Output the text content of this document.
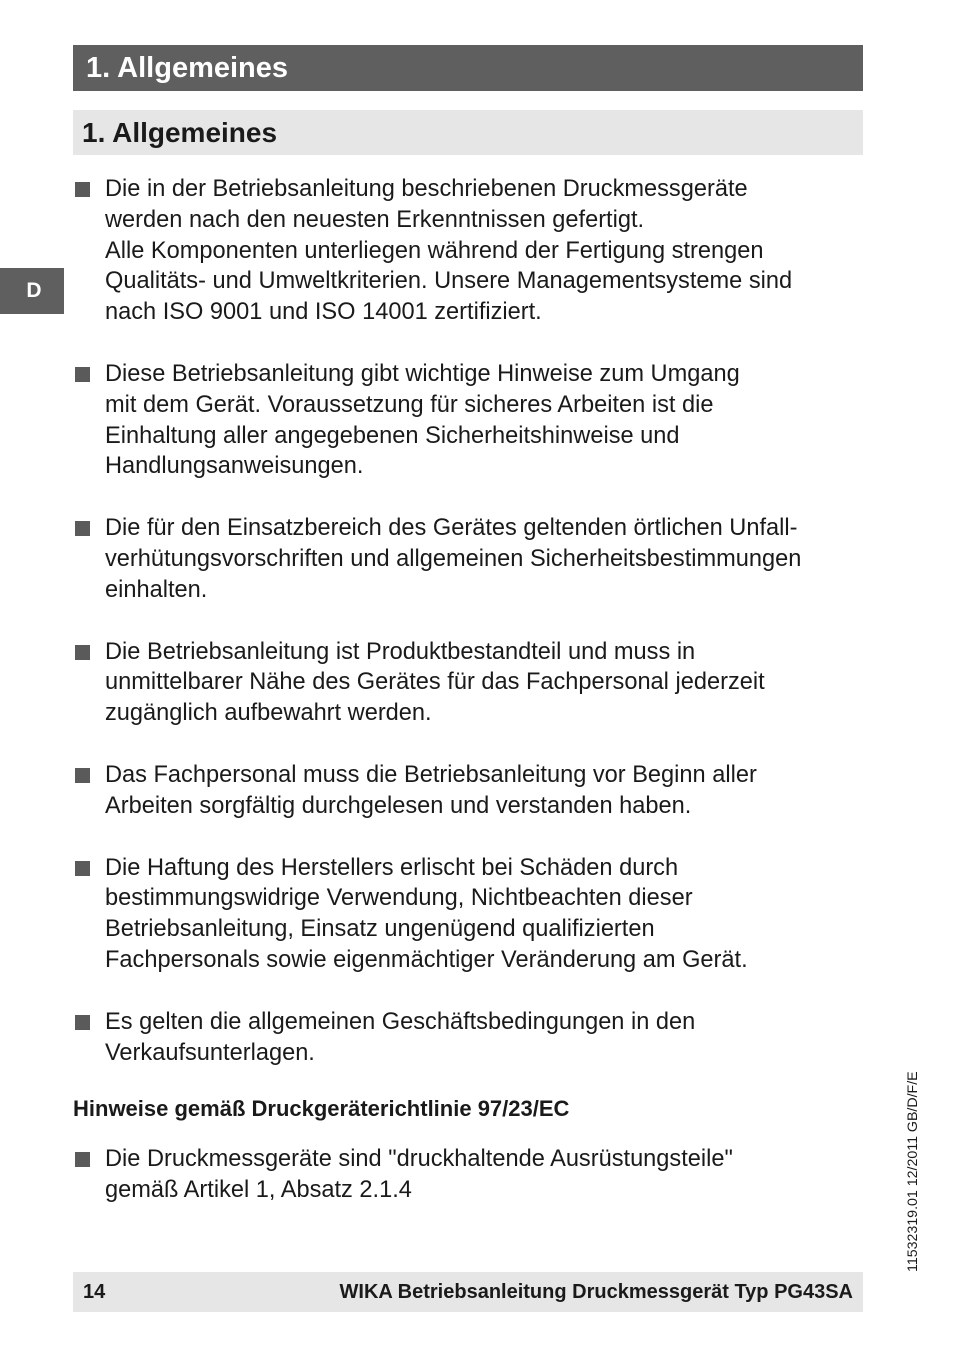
1. Allgemeines
1. Allgemeines
D
Die in der Betriebsanleitung beschriebenen Druckmessgeräte
werden nach den neuesten Erkenntnissen gefertigt.
Alle Komponenten unterliegen während der Fertigung strengen
Qualitäts- und Umweltkriterien. Unsere Managementsysteme sind
nach ISO 9001 und ISO 14001 zertifiziert.
Diese Betriebsanleitung gibt wichtige Hinweise zum Umgang
mit dem Gerät. Voraussetzung für sicheres Arbeiten ist die
Einhaltung aller angegebenen Sicherheitshinweise und
Handlungsanweisungen.
Die für den Einsatzbereich des Gerätes geltenden örtlichen Unfall-
verhütungsvorschriften und allgemeinen Sicherheitsbestimmungen
einhalten.
Die Betriebsanleitung ist Produktbestandteil und muss in
unmittelbarer Nähe des Gerätes für das Fachpersonal jederzeit
zugänglich aufbewahrt werden.
Das Fachpersonal muss die Betriebsanleitung vor Beginn aller
Arbeiten sorgfältig durchgelesen und verstanden haben.
Die Haftung des Herstellers erlischt bei Schäden durch
bestimmungswidrige Verwendung, Nichtbeachten dieser
Betriebsanleitung, Einsatz ungenügend qualifizierten
Fachpersonals sowie eigenmächtiger Veränderung am Gerät.
Es gelten die allgemeinen Geschäftsbedingungen in den
Verkaufsunterlagen.
Hinweise gemäß Druckgeräterichtlinie 97/23/EC
Die Druckmessgeräte sind "druckhaltende Ausrüstungsteile"
gemäß Artikel 1, Absatz 2.1.4
14	WIKA Betriebsanleitung Druckmessgerät Typ PG43SA
11532319.01 12/2011 GB/D/F/E
